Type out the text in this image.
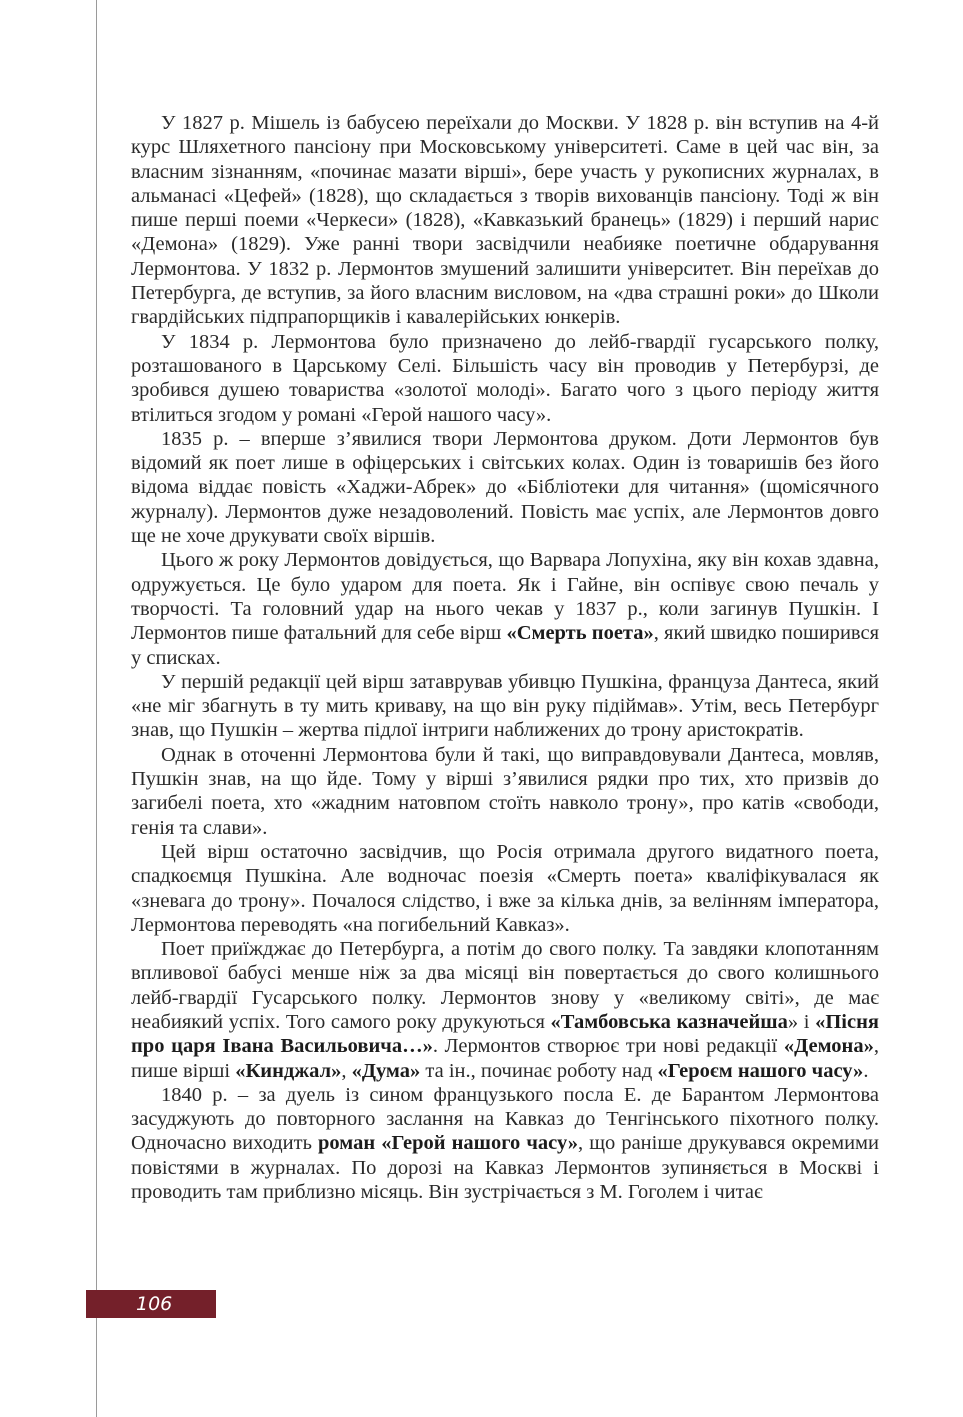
У 1827 р. Мішель із бабусею переїхали до Москви. У 1828 р. він вступив на 4-й курс Шляхетного пансіону при Московському університеті. Саме в цей час він, за власним зізнанням, «починає мазати вірші», бере участь у рукописних журналах, в альманасі «Цефей» (1828), що складається з творів вихованців пансіону. Тоді ж він пише перші поеми «Черкеси» (1828), «Кавказький бранець» (1829) і перший нарис «Демона» (1829). Уже ранні твори засвідчили неабияке поетичне обдарування Лермонтова. У 1832 р. Лермонтов змушений залишити університет. Він переїхав до Петербурга, де вступив, за його власним висловом, на «два страшні роки» до Школи гвардійських підпрапорщиків і кавалерійських юнкерів.

У 1834 р. Лермонтова було призначено до лейб-гвардії гусарського полку, розташованого в Царському Селі. Більшість часу він проводив у Петербурзі, де зробився душею товариства «золотої молоді». Багато чого з цього періоду життя втілиться згодом у романі «Герой нашого часу».

1835 р. – вперше з’явилися твори Лермонтова друком. Доти Лермонтов був відомий як поет лише в офіцерських і світських колах. Один із товаришів без його відома віддає повість «Хаджи-Абрек» до «Бібліотеки для читання» (щомісячного журналу). Лермонтов дуже незадоволений. Повість має успіх, але Лермонтов довго ще не хоче друкувати своїх віршів.

Цього ж року Лермонтов довідується, що Варвара Лопухіна, яку він кохав здавна, одружується. Це було ударом для поета. Як і Гайне, він оспівує свою печаль у творчості. Та головний удар на нього чекав у 1837 р., коли загинув Пушкін. І Лермонтов пише фатальний для себе вірш «Смерть поета», який швидко поширився у списках.

У першій редакції цей вірш затаврував убивцю Пушкіна, француза Дантеса, який «не міг збагнуть в ту мить криваву, на що він руку підіймав». Утім, весь Петербург знав, що Пушкін – жертва підлої інтриги наближених до трону аристократів.

Однак в оточенні Лермонтова були й такі, що виправдовували Дантеса, мовляв, Пушкін знав, на що йде. Тому у вірші з’явилися рядки про тих, хто призвів до загибелі поета, хто «жадним натовпом стоїть навколо трону», про катів «свободи, генія та слави».

Цей вірш остаточно засвідчив, що Росія отримала другого видатного поета, спадкоємця Пушкіна. Але водночас поезія «Смерть поета» кваліфікувалася як «зневага до трону». Почалося слідство, і вже за кілька днів, за велінням імператора, Лермонтова переводять «на погибельний Кавказ».

Поет приїжджає до Петербурга, а потім до свого полку. Та завдяки клопотанням впливової бабусі менше ніж за два місяці він повертається до свого колишнього лейб-гвардії Гусарського полку. Лермонтов знову у «великому світі», де має неабиякий успіх. Того самого року друкуються «Тамбовська казначейша» і «Пісня про царя Івана Васильовича…». Лермонтов створює три нові редакції «Демона», пише вірші «Кинджал», «Дума» та ін., починає роботу над «Героєм нашого часу».

1840 р. – за дуель із сином французького посла Е. де Барантом Лермонтова засуджують до повторного заслання на Кавказ до Тенгінського піхотного полку. Одночасно виходить роман «Герой нашого часу», що раніше друкувався окремими повістями в журналах. По дорозі на Кавказ Лермонтов зупиняється в Москві і проводить там приблизно місяць. Він зустрічається з М. Гоголем і читає

106
